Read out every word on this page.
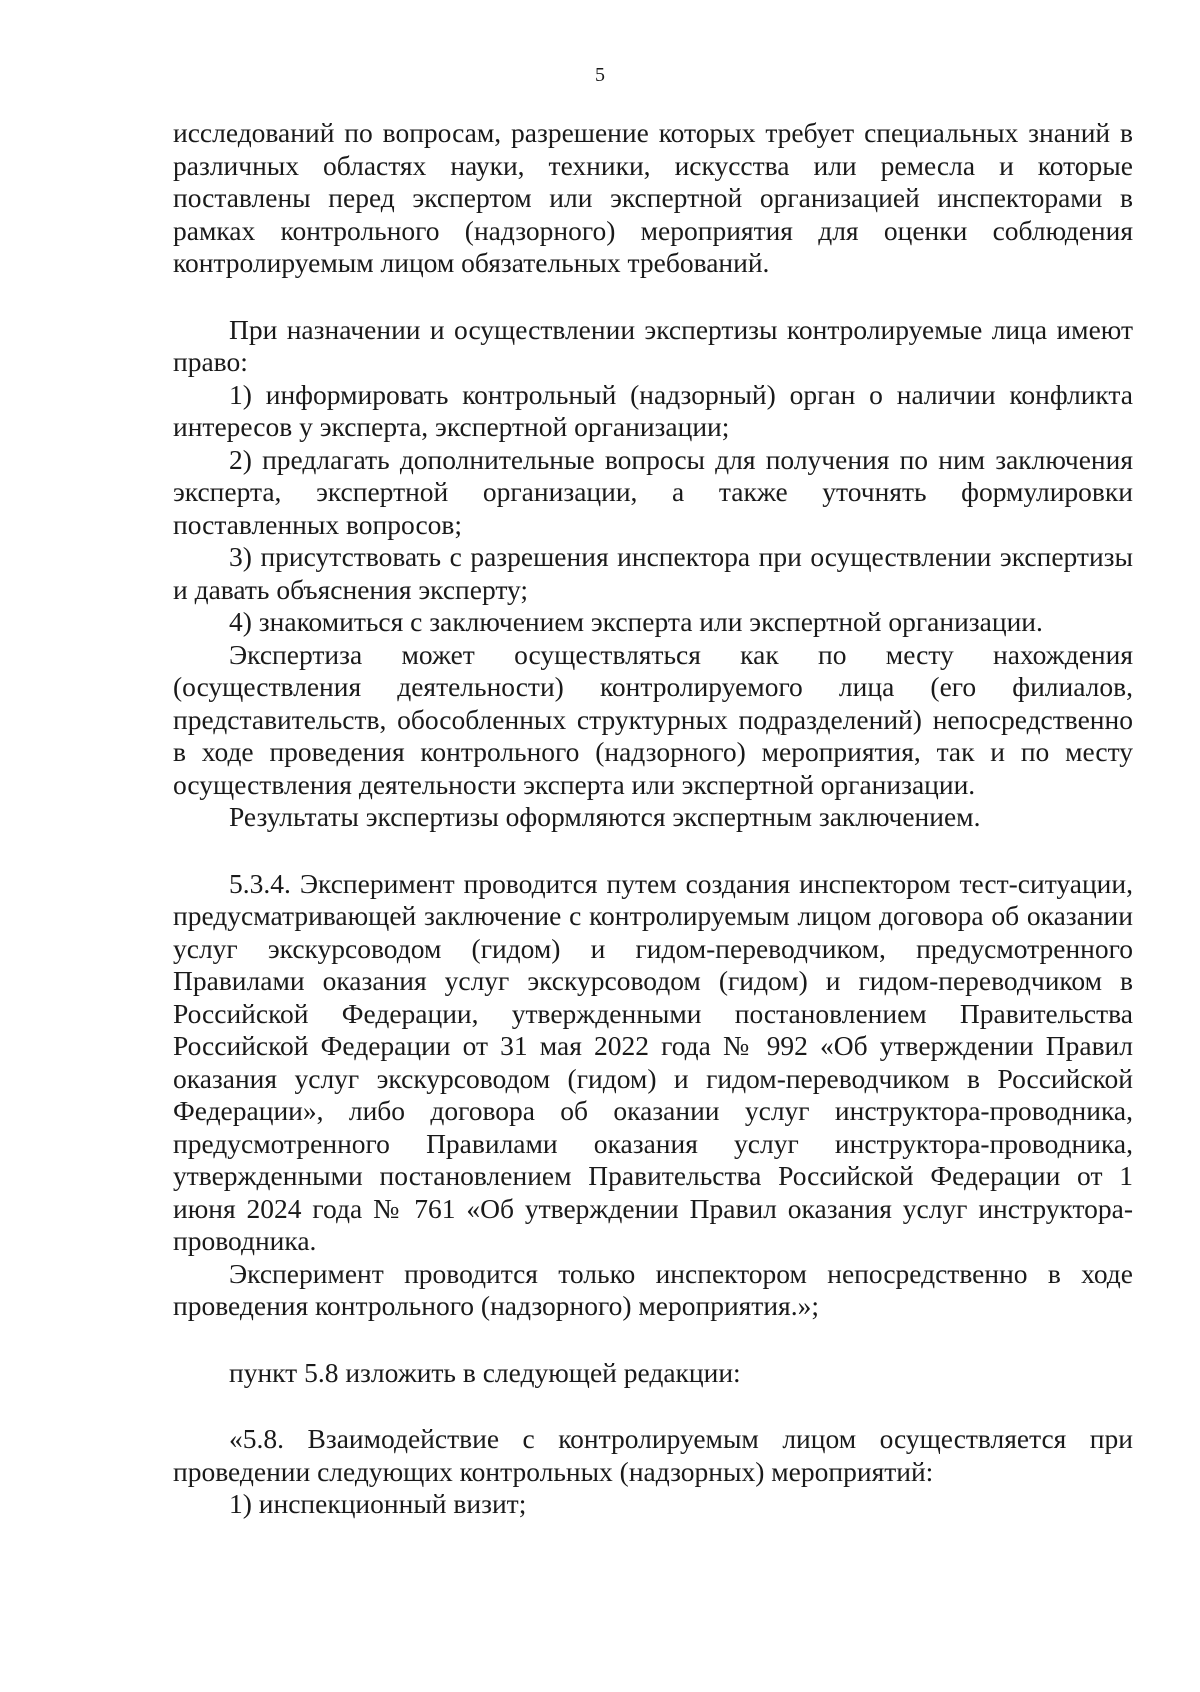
5

исследований по вопросам, разрешение которых требует специальных знаний в различных областях науки, техники, искусства или ремесла и которые поставлены перед экспертом или экспертной организацией инспекторами в рамках контрольного (надзорного) мероприятия для оценки соблюдения контролируемым лицом обязательных требований.

При назначении и осуществлении экспертизы контролируемые лица имеют право:

1) информировать контрольный (надзорный) орган о наличии конфликта интересов у эксперта, экспертной организации;

2) предлагать дополнительные вопросы для получения по ним заключения эксперта, экспертной организации, а также уточнять формулировки поставленных вопросов;

3) присутствовать с разрешения инспектора при осуществлении экспертизы и давать объяснения эксперту;

4) знакомиться с заключением эксперта или экспертной организации.

Экспертиза может осуществляться как по месту нахождения (осуществления деятельности) контролируемого лица (его филиалов, представительств, обособленных структурных подразделений) непосредственно в ходе проведения контрольного (надзорного) мероприятия, так и по месту осуществления деятельности эксперта или экспертной организации.

Результаты экспертизы оформляются экспертным заключением.

5.3.4. Эксперимент проводится путем создания инспектором тест-ситуации, предусматривающей заключение с контролируемым лицом договора об оказании услуг экскурсоводом (гидом) и гидом-переводчиком, предусмотренного Правилами оказания услуг экскурсоводом (гидом) и гидом-переводчиком в Российской Федерации, утвержденными постановлением Правительства Российской Федерации от 31 мая 2022 года № 992 «Об утверждении Правил оказания услуг экскурсоводом (гидом) и гидом-переводчиком в Российской Федерации», либо договора об оказании услуг инструктора-проводника, предусмотренного Правилами оказания услуг инструктора-проводника, утвержденными постановлением Правительства Российской Федерации от 1 июня 2024 года № 761 «Об утверждении Правил оказания услуг инструктора-проводника.

Эксперимент проводится только инспектором непосредственно в ходе проведения контрольного (надзорного) мероприятия.»;

пункт 5.8 изложить в следующей редакции:

«5.8. Взаимодействие с контролируемым лицом осуществляется при проведении следующих контрольных (надзорных) мероприятий:

1) инспекционный визит;
